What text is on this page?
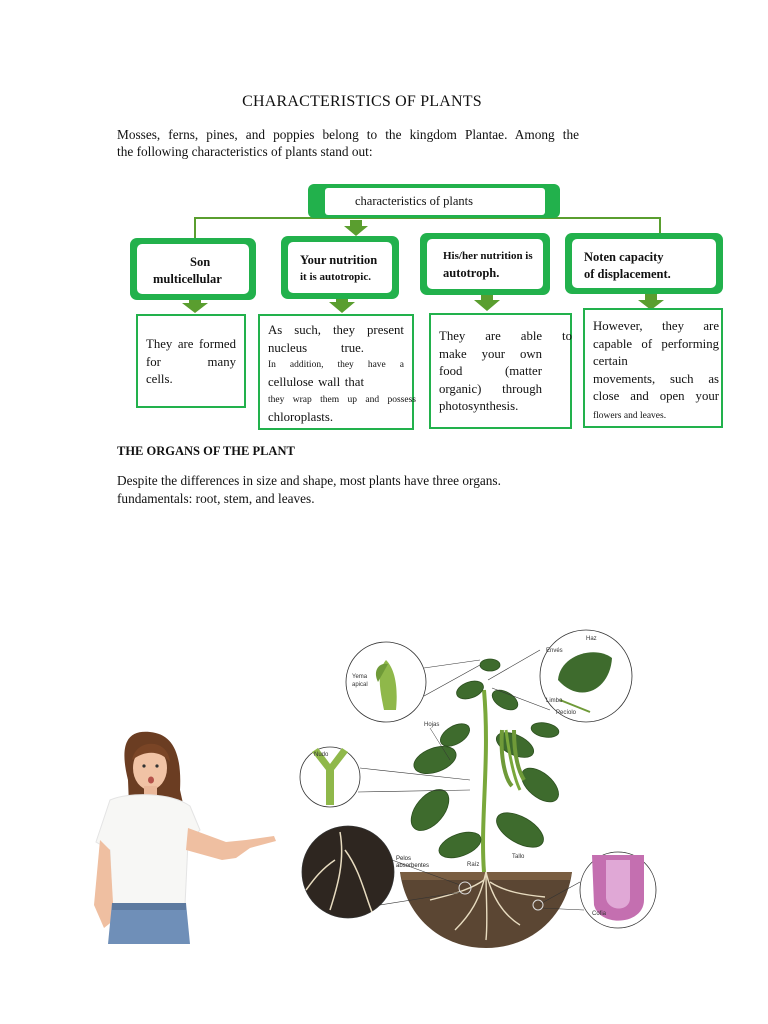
CHARACTERISTICS OF PLANTS
Mosses, ferns, pines, and poppies belong to the kingdom Plantae. Among the
the following characteristics of plants stand out:
characteristics of plants
Son
multicellular
They are formed
for many
cells.
Your nutrition
it is autotropic.
As such, they present
nucleus true.
In addition, they have a
cellulose wall that
they wrap them up and possess
chloroplasts.
His/her nutrition is
autotroph.
They are able to
make your own
food (matter
organic) through
photosynthesis.
Noten capacity
of displacement.
However, they are
capable of performing
certain
movements, such as
close and open your
flowers and leaves.
THE ORGANS OF THE PLANT
Despite the differences in size and shape, most plants have three organs.
fundamentals: root, stem, and leaves.
Yema
apical
Haz
Envés
Limbo
Pecíolo
Hojas
Nudo
Pelos
absorbentes	Raíz
Tallo
Cofia
